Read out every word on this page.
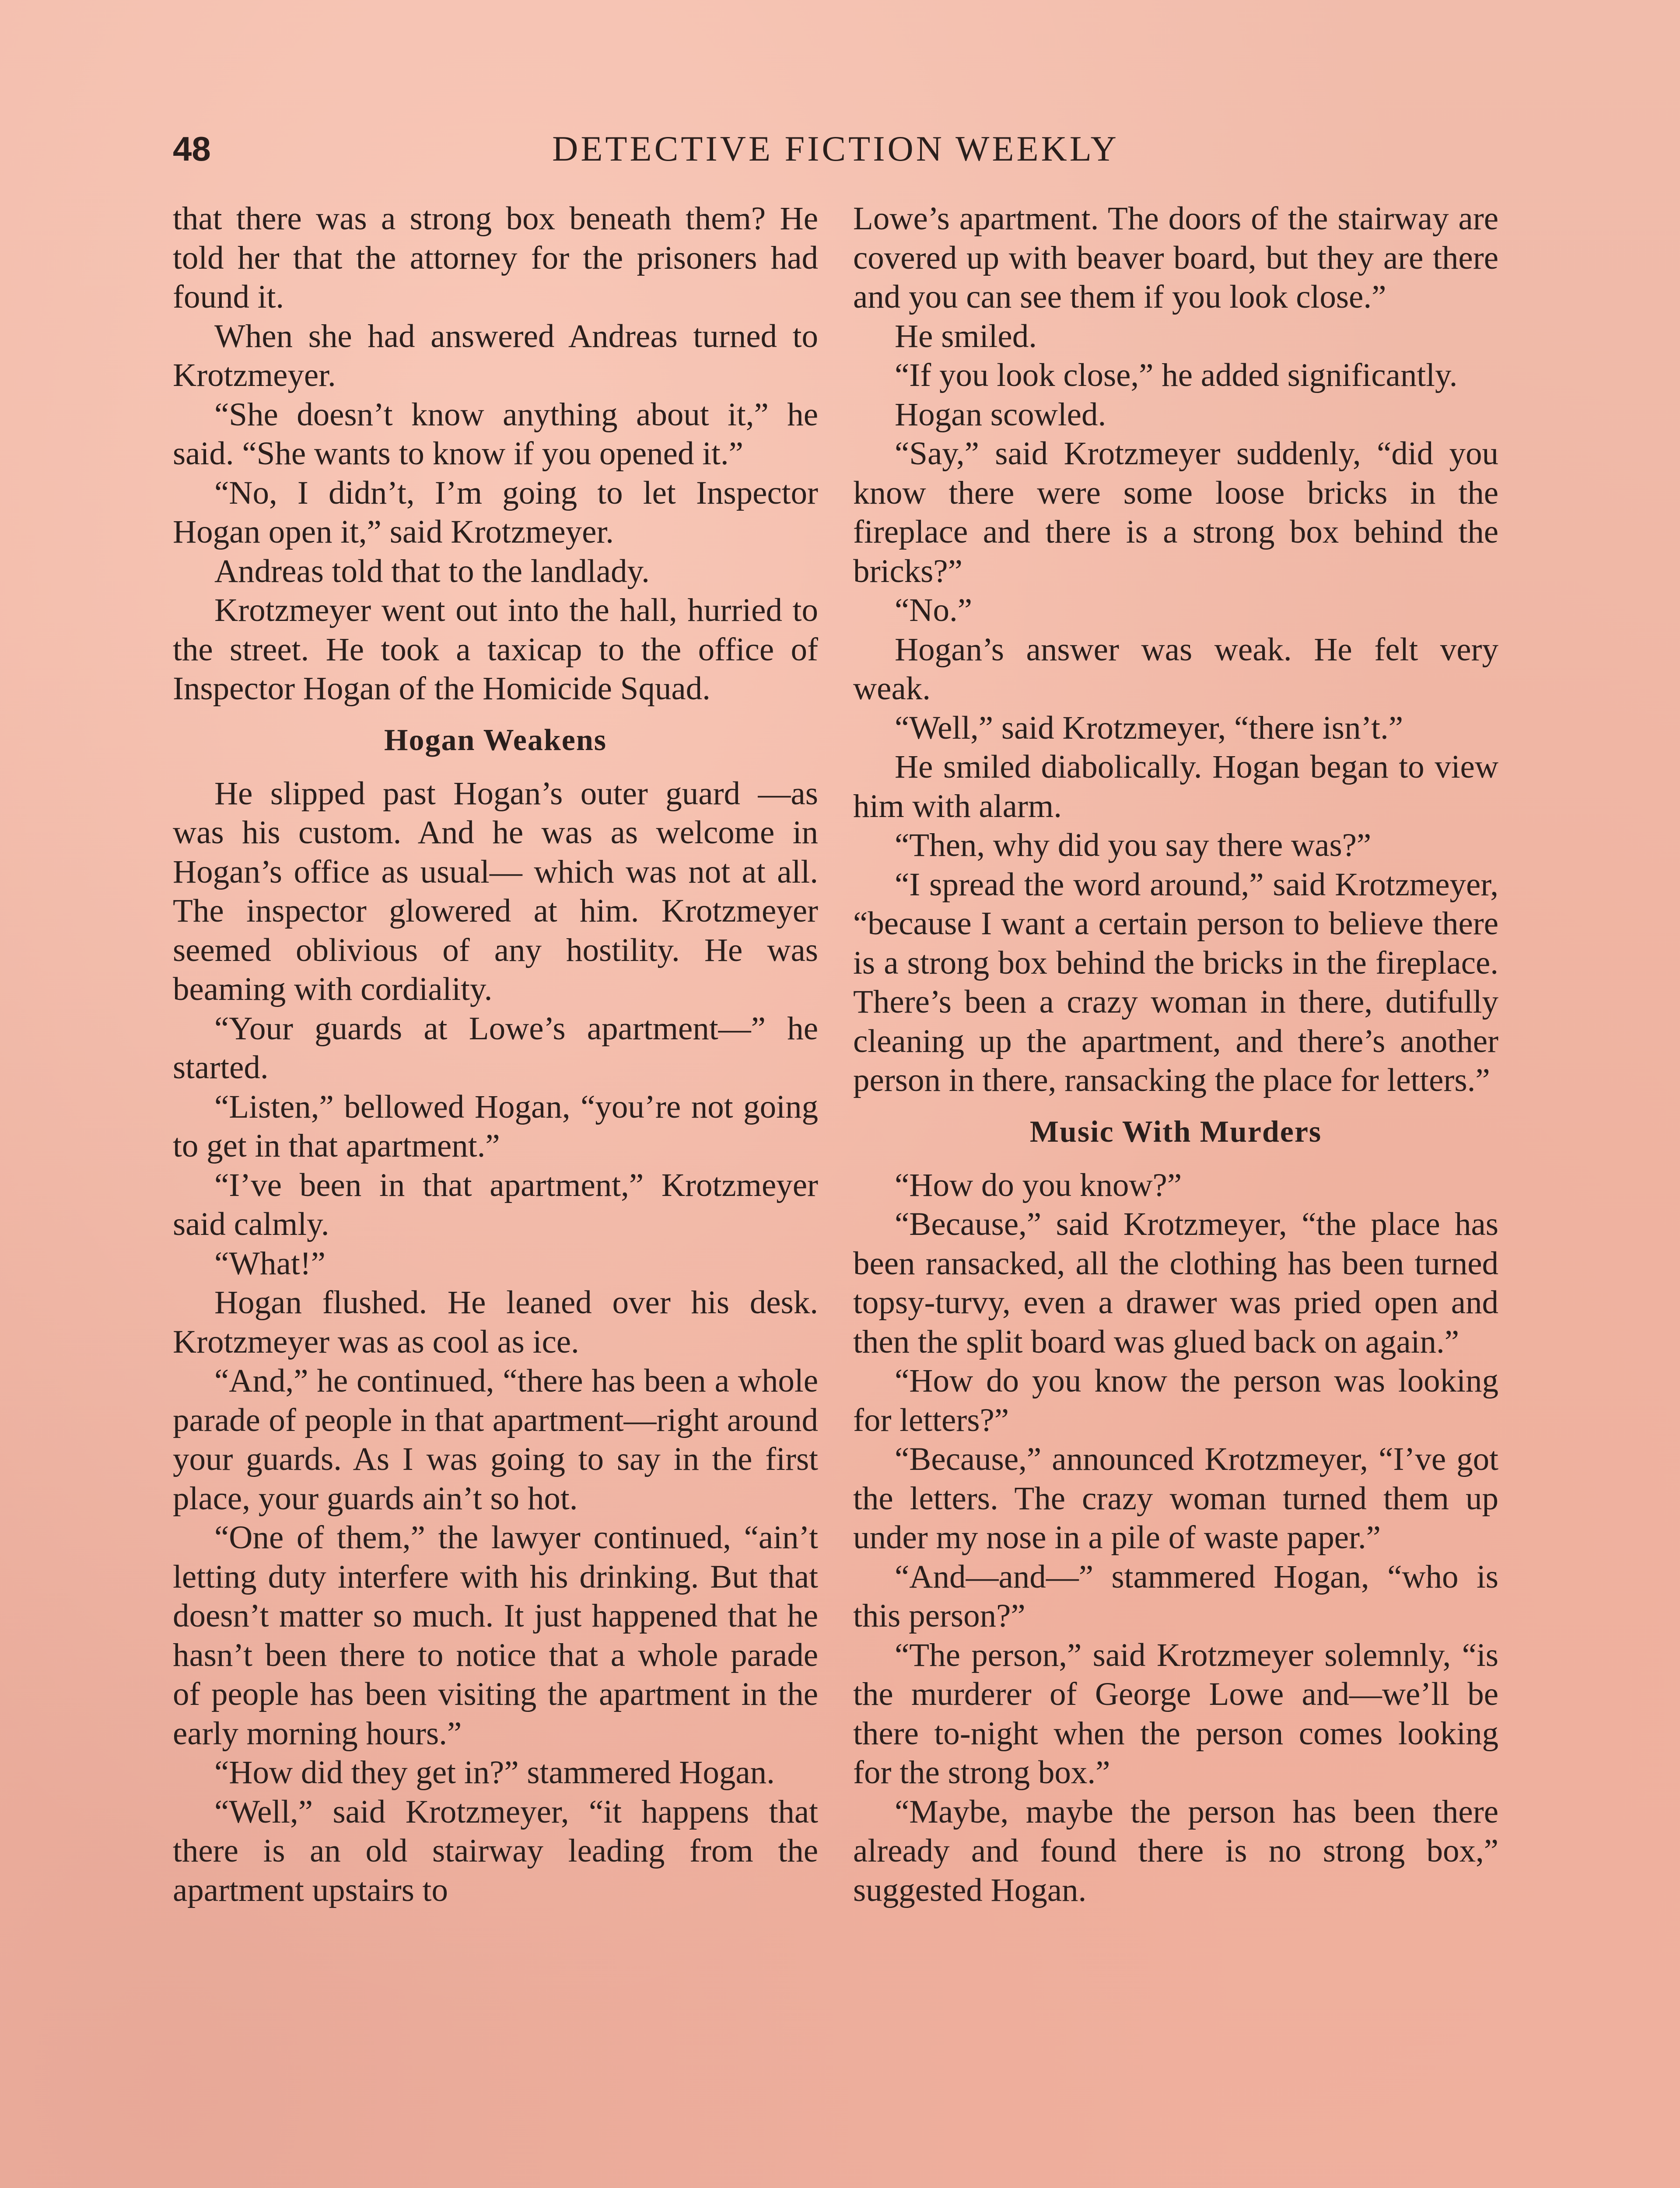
48	DETECTIVE FICTION WEEKLY

that there was a strong box beneath them? He told her that the attorney for the prisoners had found it.

When she had answered Andreas turned to Krotzmeyer.

“She doesn’t know anything about it,” he said. “She wants to know if you opened it.”

“No, I didn’t, I’m going to let Inspector Hogan open it,” said Krotzmeyer.

Andreas told that to the landlady.

Krotzmeyer went out into the hall, hurried to the street. He took a taxicap to the office of Inspector Hogan of the Homicide Squad.

Hogan Weakens

He slipped past Hogan’s outer guard —as was his custom. And he was as welcome in Hogan’s office as usual— which was not at all. The inspector glowered at him. Krotzmeyer seemed oblivious of any hostility. He was beaming with cordiality.

“Your guards at Lowe’s apartment—” he started.

“Listen,” bellowed Hogan, “you’re not going to get in that apartment.”

“I’ve been in that apartment,” Krotzmeyer said calmly.

“What!”

Hogan flushed. He leaned over his desk. Krotzmeyer was as cool as ice.

“And,” he continued, “there has been a whole parade of people in that apartment—right around your guards. As I was going to say in the first place, your guards ain’t so hot.

“One of them,” the lawyer continued, “ain’t letting duty interfere with his drinking. But that doesn’t matter so much. It just happened that he hasn’t been there to notice that a whole parade of people has been visiting the apartment in the early morning hours.”

“How did they get in?” stammered Hogan.

“Well,” said Krotzmeyer, “it happens that there is an old stairway leading from the apartment upstairs to

Lowe’s apartment. The doors of the stairway are covered up with beaver board, but they are there and you can see them if you look close.”

He smiled.

“If you look close,” he added significantly.

Hogan scowled.

“Say,” said Krotzmeyer suddenly, “did you know there were some loose bricks in the fireplace and there is a strong box behind the bricks?”

“No.”

Hogan’s answer was weak. He felt very weak.

“Well,” said Krotzmeyer, “there isn’t.”

He smiled diabolically. Hogan began to view him with alarm.

“Then, why did you say there was?”

“I spread the word around,” said Krotzmeyer, “because I want a certain person to believe there is a strong box behind the bricks in the fireplace. There’s been a crazy woman in there, dutifully cleaning up the apartment, and there’s another person in there, ransacking the place for letters.”

Music With Murders

“How do you know?”

“Because,” said Krotzmeyer, “the place has been ransacked, all the clothing has been turned topsy-turvy, even a drawer was pried open and then the split board was glued back on again.”

“How do you know the person was looking for letters?”

“Because,” announced Krotzmeyer, “I’ve got the letters. The crazy woman turned them up under my nose in a pile of waste paper.”

“And—and—” stammered Hogan, “who is this person?”

“The person,” said Krotzmeyer solemnly, “is the murderer of George Lowe and—we’ll be there to-night when the person comes looking for the strong box.”

“Maybe, maybe the person has been there already and found there is no strong box,” suggested Hogan.
